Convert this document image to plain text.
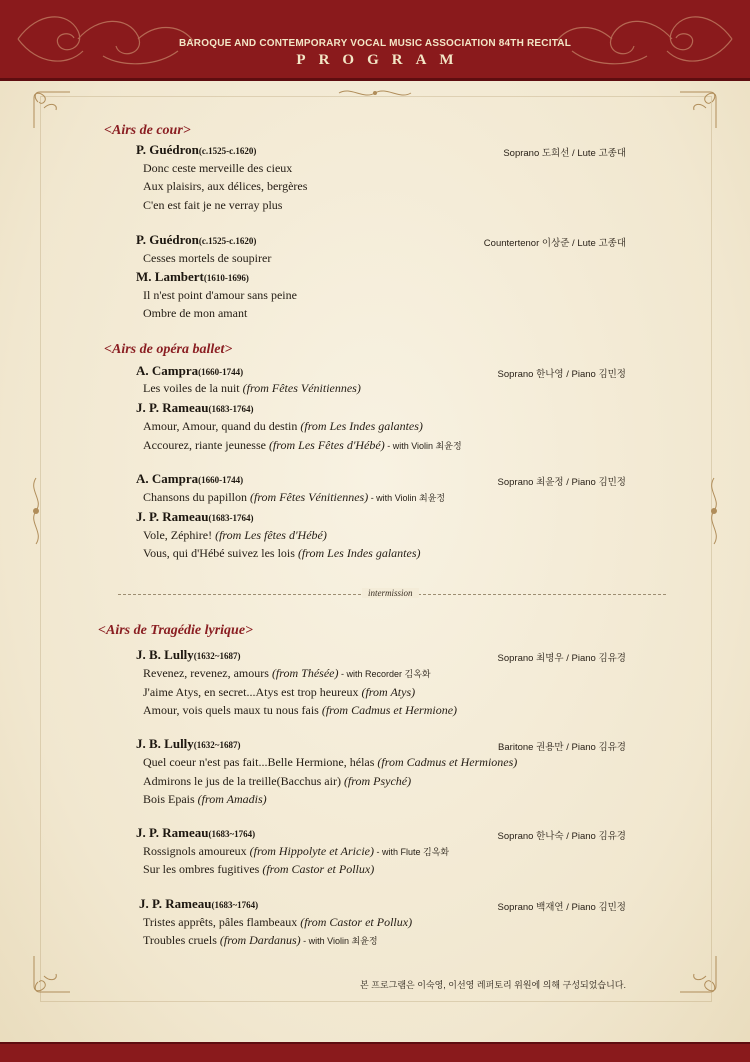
BAROQUE AND CONTEMPORARY VOCAL MUSIC ASSOCIATION 84TH RECITAL
PROGRAM
<Airs de cour>
P. Guédron(c.1525-c.1620)	Soprano 도희선 / Lute 고종대
Donc ceste merveille des cieux
Aux plaisirs, aux délices, bergères
C'en est fait je ne verray plus
P. Guédron(c.1525-c.1620)	Countertenor 이상준 / Lute 고종대
Cesses mortels de soupirer
M. Lambert(1610-1696)
Il n'est point d'amour sans peine
Ombre de mon amant
<Airs de opéra ballet>
A. Campra(1660-1744)	Soprano 한나영 / Piano 김민정
Les voiles de la nuit (from Fêtes Vénitiennes)
J. P. Rameau(1683-1764)
Amour, Amour, quand du destin (from Les Indes galantes)
Accourez, riante jeunesse (from Les Fêtes d'Hébé) - with Violin 최윤정
A. Campra(1660-1744)	Soprano 최윤정 / Piano 김민정
Chansons du papillon (from Fêtes Vénitiennes) - with Violin 최윤정
J. P. Rameau(1683-1764)
Vole, Zéphire! (from Les fêtes d'Hébé)
Vous, qui d'Hébé suivez les lois (from Les Indes galantes)
intermission
<Airs de Tragédie lyrique>
J. B. Lully(1632~1687)	Soprano 최명우 / Piano 김유경
Revenez, revenez, amours (from Thésée) - with Recorder 김옥화
J'aime Atys, en secret...Atys est trop heureux (from Atys)
Amour, vois quels maux tu nous fais (from Cadmus et Hermione)
J. B. Lully(1632~1687)	Baritone 권용만 / Piano 김유경
Quel coeur n'est pas fait...Belle Hermione, hélas (from Cadmus et Hermiones)
Admirons le jus de la treille(Bacchus air) (from Psyché)
Bois Epais (from Amadis)
J. P. Rameau(1683~1764)	Soprano 한나숙 / Piano 김유경
Rossignols amoureux (from Hippolyte et Aricie) - with Flute 김옥화
Sur les ombres fugitives (from Castor et Pollux)
J. P. Rameau(1683~1764)	Soprano 백재연 / Piano 김민정
Tristes apprêts, pâles flambeaux (from Castor et Pollux)
Troubles cruels (from Dardanus) - with Violin 최윤정
본 프로그램은 이숙영, 이선영 레퍼토리 위원에 의해 구성되었습니다.
